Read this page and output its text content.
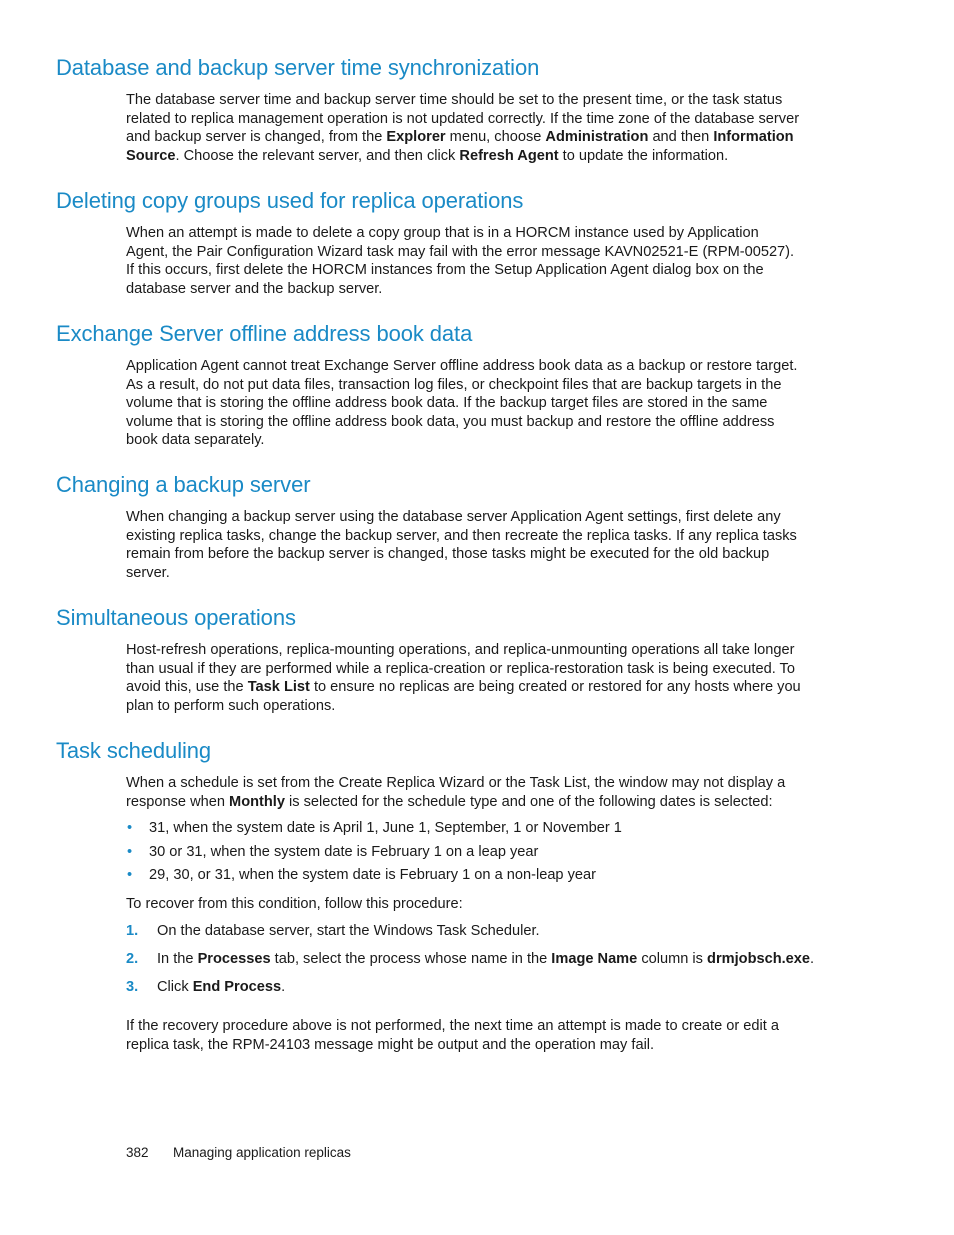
Database and backup server time synchronization

The database server time and backup server time should be set to the present time, or the task status related to replica management operation is not updated correctly. If the time zone of the database server and backup server is changed, from the Explorer menu, choose Administration and then Information Source. Choose the relevant server, and then click Refresh Agent to update the information.

Deleting copy groups used for replica operations

When an attempt is made to delete a copy group that is in a HORCM instance used by Application Agent, the Pair Configuration Wizard task may fail with the error message KAVN02521-E (RPM-00527). If this occurs, first delete the HORCM instances from the Setup Application Agent dialog box on the database server and the backup server.

Exchange Server offline address book data

Application Agent cannot treat Exchange Server offline address book data as a backup or restore target. As a result, do not put data files, transaction log files, or checkpoint files that are backup targets in the volume that is storing the offline address book data. If the backup target files are stored in the same volume that is storing the offline address book data, you must backup and restore the offline address book data separately.

Changing a backup server

When changing a backup server using the database server Application Agent settings, first delete any existing replica tasks, change the backup server, and then recreate the replica tasks. If any replica tasks remain from before the backup server is changed, those tasks might be executed for the old backup server.

Simultaneous operations

Host-refresh operations, replica-mounting operations, and replica-unmounting operations all take longer than usual if they are performed while a replica-creation or replica-restoration task is being executed. To avoid this, use the Task List to ensure no replicas are being created or restored for any hosts where you plan to perform such operations.

Task scheduling

When a schedule is set from the Create Replica Wizard or the Task List, the window may not display a response when Monthly is selected for the schedule type and one of the following dates is selected:

• 31, when the system date is April 1, June 1, September, 1 or November 1
• 30 or 31, when the system date is February 1 on a leap year
• 29, 30, or 31, when the system date is February 1 on a non-leap year

To recover from this condition, follow this procedure:

1. On the database server, start the Windows Task Scheduler.
2. In the Processes tab, select the process whose name in the Image Name column is drmjobsch.exe.
3. Click End Process.

If the recovery procedure above is not performed, the next time an attempt is made to create or edit a replica task, the RPM-24103 message might be output and the operation may fail.

382 Managing application replicas
